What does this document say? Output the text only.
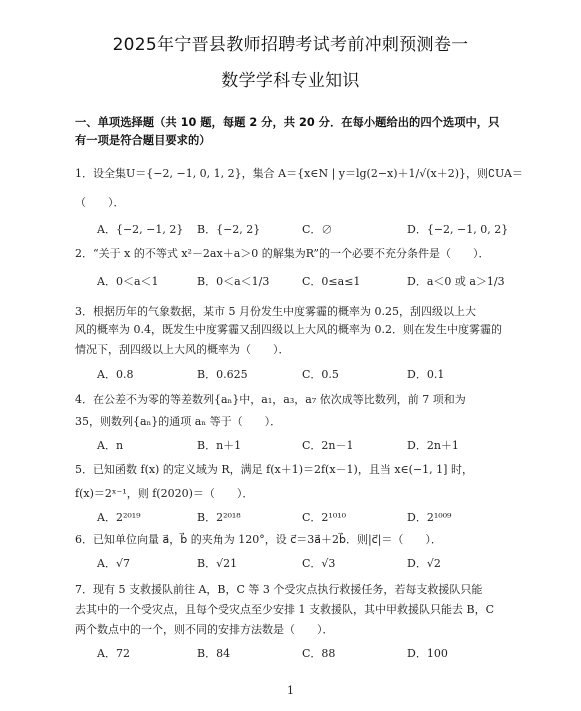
2025年宁晋县教师招聘考试考前冲刺预测卷一
数学学科专业知识
一、单项选择题（共 10 题，每题 2 分，共 20 分．在每小题给出的四个选项中，只
有一项是符合题目要求的）
1．设全集U＝{−2, −1, 0, 1, 2}，集合 A＝{x∈N | y＝lg(2−x)＋1/√(x＋2)}，则∁UA＝
（　　）．
A．{−2, −1, 2} B．{−2, 2}	C．∅	D．{−2, −1, 0, 2}
2．“关于 x 的不等式 x²－2ax＋a＞0 的解集为R”的一个必要不充分条件是（　　）．
A．0＜a＜1	B．0＜a＜1/3	C．0≤a≤1	D．a＜0 或 a＞1/3
3．根据历年的气象数据，某市 5 月份发生中度雾霾的概率为 0.25，刮四级以上大
风的概率为 0.4，既发生中度雾霾又刮四级以上大风的概率为 0.2．则在发生中度雾霾的
情况下，刮四级以上大风的概率为（　　）．
A．0.8	B．0.625	C．0.5	D．0.1
4．在公差不为零的等差数列{aₙ}中，a₁，a₃，a₇ 依次成等比数列，前 7 项和为
35，则数列{aₙ}的通项 aₙ 等于（　　）．
A．n	B．n＋1	C．2n－1	D．2n＋1
5．已知函数 f(x) 的定义域为 R，满足 f(x＋1)＝2f(x－1)，且当 x∈(−1, 1] 时，
f(x)＝2ˣ⁻¹，则 f(2020)＝（　　）．
A．2²⁰¹⁹	B．2²⁰¹⁸	C．2¹⁰¹⁰	D．2¹⁰⁰⁹
6．已知单位向量 a⃗，b⃗ 的夹角为 120°，设 c⃗＝3a⃗＋2b⃗．则|c⃗|＝（　　）．
A．√7	B．√21	C．√3	D．√2
7．现有 5 支救援队前往 A，B，C 等 3 个受灾点执行救援任务，若每支救援队只能
去其中的一个受灾点，且每个受灾点至少安排 1 支救援队，其中甲救援队只能去 B，C
两个数点中的一个，则不同的安排方法数是（　　）．
A．72	B．84	C．88	D．100
1
